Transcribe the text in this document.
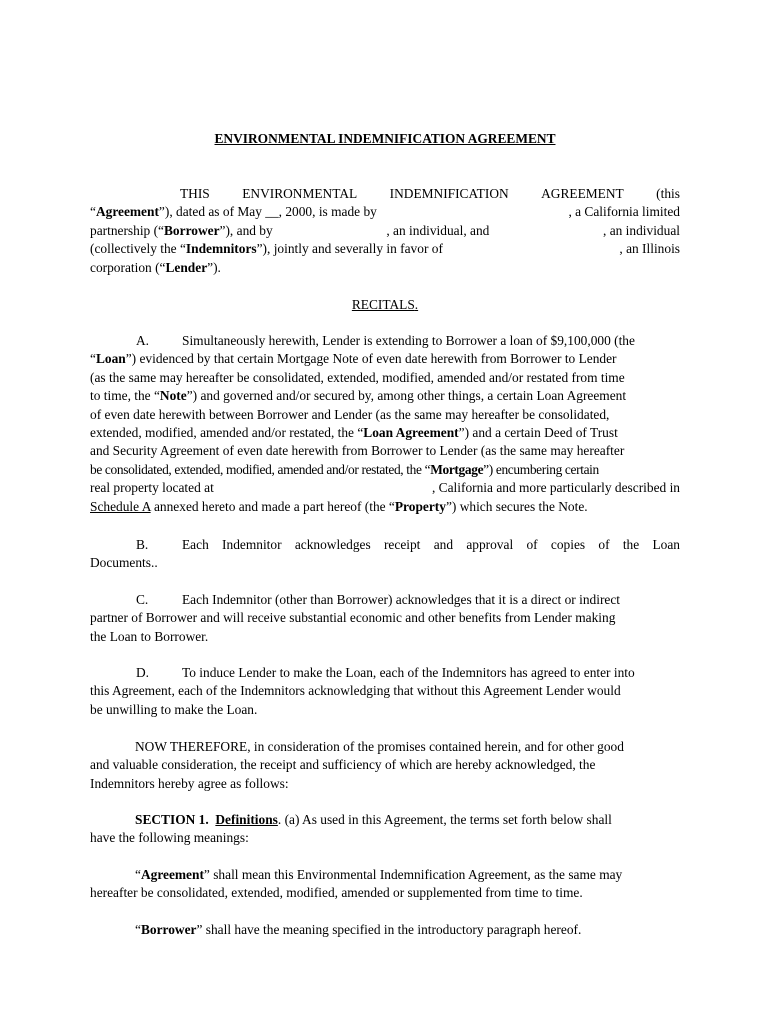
ENVIRONMENTAL INDEMNIFICATION AGREEMENT
THIS ENVIRONMENTAL INDEMNIFICATION AGREEMENT (this
“Agreement”), dated as of May __, 2000, is made by	, a California limited
partnership (“Borrower”), and by	, an individual, and	, an individual
(collectively the “Indemnitors”), jointly and severally in favor of	, an Illinois
corporation (“Lender”).
RECITALS.
A. Simultaneously herewith, Lender is extending to Borrower a loan of $9,100,000 (the
“Loan”) evidenced by that certain Mortgage Note of even date herewith from Borrower to Lender
(as the same may hereafter be consolidated, extended, modified, amended and/or restated from time
to time, the “Note”) and governed and/or secured by, among other things, a certain Loan Agreement
of even date herewith between Borrower and Lender (as the same may hereafter be consolidated,
extended, modified, amended and/or restated, the “Loan Agreement”) and a certain Deed of Trust
and Security Agreement of even date herewith from Borrower to Lender (as the same may hereafter
be consolidated, extended, modified, amended and/or restated, the “Mortgage”) encumbering certain
real property located at	, California and more particularly described in
Schedule A annexed hereto and made a part hereof (the “Property”) which secures the Note.
B.	Each Indemnitor acknowledges receipt and approval of copies of the Loan
Documents..
C.	Each Indemnitor (other than Borrower) acknowledges that it is a direct or indirect
partner of Borrower and will receive substantial economic and other benefits from Lender making
the Loan to Borrower.
D. To induce Lender to make the Loan, each of the Indemnitors has agreed to enter into
this Agreement, each of the Indemnitors acknowledging that without this Agreement Lender would
be unwilling to make the Loan.
NOW THEREFORE, in consideration of the promises contained herein, and for other good
and valuable consideration, the receipt and sufficiency of which are hereby acknowledged, the
Indemnitors hereby agree as follows:
SECTION 1. Definitions. (a) As used in this Agreement, the terms set forth below shall
have the following meanings:
“Agreement” shall mean this Environmental Indemnification Agreement, as the same may
hereafter be consolidated, extended, modified, amended or supplemented from time to time.
“Borrower” shall have the meaning specified in the introductory paragraph hereof.
